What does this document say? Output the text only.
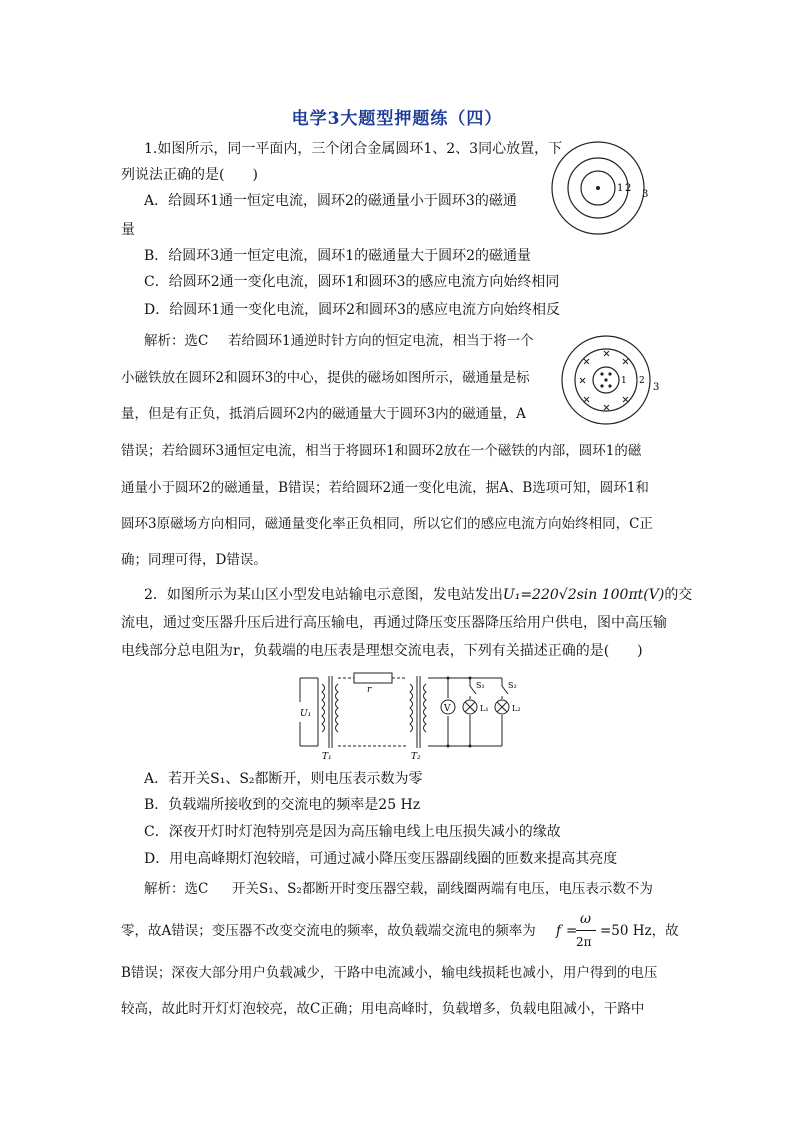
电学3大题型押题练（四）
1.如图所示，同一平面内，三个闭合金属圆环1、2、3同心放置，下
列说法正确的是(　　)
A．给圆环1通一恒定电流，圆环2的磁通量小于圆环3的磁通
量
B．给圆环3通一恒定电流，圆环1的磁通量大于圆环2的磁通量
C．给圆环2通一变化电流，圆环1和圆环3的感应电流方向始终相同
D．给圆环1通一变化电流，圆环2和圆环3的感应电流方向始终相反
1 2
3
解析：选C 若给圆环1通逆时针方向的恒定电流，相当于将一个
小磁铁放在圆环2和圆环3的中心，提供的磁场如图所示，磁通量是标
量，但是有正负，抵消后圆环2内的磁通量大于圆环3内的磁通量，A
错误；若给圆环3通恒定电流，相当于将圆环1和圆环2放在一个磁铁的内部，圆环1的磁
通量小于圆环2的磁通量，B错误；若给圆环2通一变化电流，据A、B选项可知，圆环1和
圆环3原磁场方向相同，磁通量变化率正负相同，所以它们的感应电流方向始终相同，C正
确；同理可得，D错误。
1 2
3
2．如图所示为某山区小型发电站输电示意图，发电站发出U₁=220√2sin 100πt(V)的交
流电，通过变压器升压后进行高压输电，再通过降压变压器降压给用户供电，图中高压输
电线部分总电阻为r，负载端的电压表是理想交流电表，下列有关描述正确的是(　　)
U₁
r
T₁	T₂
V
S₁	S₂
L₁	L₂
A．若开关S₁、S₂都断开，则电压表示数为零
B．负载端所接收到的交流电的频率是25 Hz
C．深夜开灯时灯泡特别亮是因为高压输电线上电压损失减小的缘故
D．用电高峰期灯泡较暗，可通过减小降压变压器副线圈的匝数来提高其亮度
解析：选C 开关S₁、S₂都断开时变压器空载，副线圈两端有电压，电压表示数不为
零，故A错误；变压器不改变交流电的频率，故负载端交流电的频率为 f =
ω
2π
=50 Hz，故
B错误；深夜大部分用户负载减少，干路中电流减小，输电线损耗也减小，用户得到的电压
较高，故此时开灯灯泡较亮，故C正确；用电高峰时，负载增多，负载电阻减小，干路中
